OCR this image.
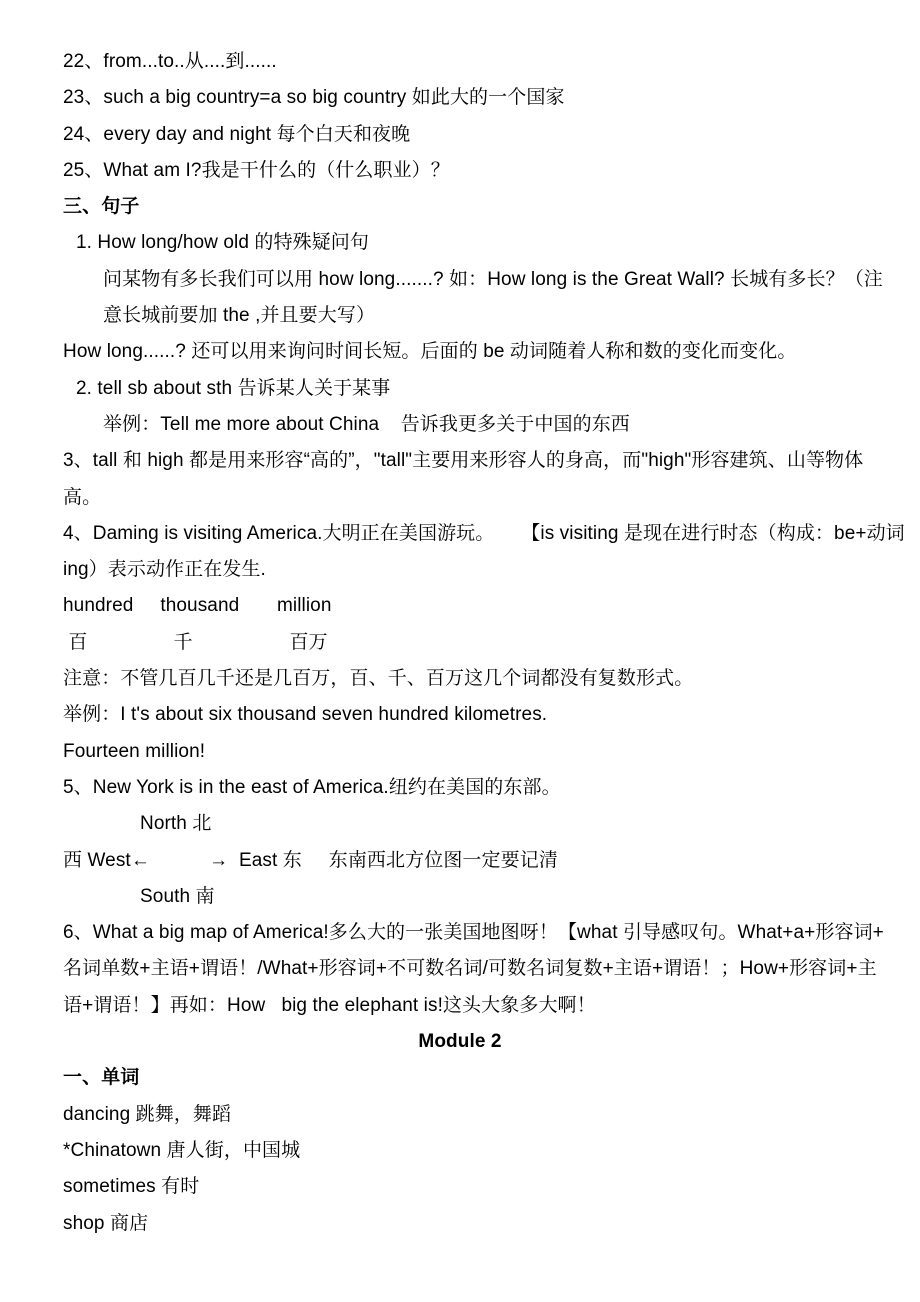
22、from...to..从....到......
23、such a big country=a so big country 如此大的一个国家
24、every day and night 每个白天和夜晚
25、What am I?我是干什么的（什么职业）？
三、句子
1. How long/how old 的特殊疑问句
问某物有多长我们可以用 how long.......? 如：How long is the Great Wall? 长城有多长？（注
意长城前要加 the ,并且要大写）
How long......? 还可以用来询问时间长短。后面的 be 动词随着人称和数的变化而变化。
2. tell sb about sth 告诉某人关于某事
举例：Tell me more about China    告诉我更多关于中国的东西
3、tall 和 high 都是用来形容“高的”，"tall"主要用来形容人的身高，而"high"形容建筑、山等物体
高。
4、Daming is visiting America.大明正在美国游玩。     【is visiting 是现在进行时态（构成：be+动词
ing）表示动作正在发生.
hundred     thousand       million
百                千                  百万
注意：不管几百几千还是几百万，百、千、百万这几个词都没有复数形式。
举例：I t's about six thousand seven hundred kilometres.
Fourteen million!
5、New York is in the east of America.纽约在美国的东部。
North 北
西 West←           →  East 东     东南西北方位图一定要记清
South 南
6、What a big map of America!多么大的一张美国地图呀！【what 引导感叹句。What+a+形容词+
名词单数+主语+谓语！/What+形容词+不可数名词/可数名词复数+主语+谓语！；How+形容词+主
语+谓语！】再如：How   big the elephant is!这头大象多大啊！
Module 2
一、单词
dancing 跳舞，舞蹈
*Chinatown 唐人街，中国城
sometimes 有时
shop 商店
